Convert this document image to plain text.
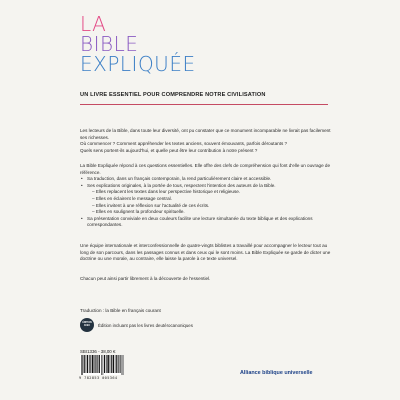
LA
BIBLE
EXPLIQUÉE
UN LIVRE ESSENTIEL POUR COMPRENDRE NOTRE CIVILISATION

Les lecteurs de la Bible, dans toute leur diversité, ont pu constater que ce monument incomparable ne livrait pas facilement ses richesses.

Où commencer ? Comment appréhender les textes anciens, souvent émouvants, parfois déroutants ?

Quels sens portent-ils aujourd'hui, et quelle peut être leur contribution à notre présent ?

La Bible Expliquée répond à ces questions essentielles. Elle offre des clefs de compréhension qui font d'elle un ouvrage de référence.

• Sa traduction, dans un français contemporain, la rend particulièrement claire et accessible.
• Ses explications originales, à la portée de tous, respectent l'intention des auteurs de la Bible.
– Elles replacent les textes dans leur perspective historique et religieuse.
– Elles en éclairent le message central.
– Elles invitent à une réflexion sur l'actualité de ces écrits.
– Elles en soulignent la profondeur spirituelle.
• Sa présentation conviviale en deux couleurs facilite une lecture simultanée du texte biblique et des explications correspondantes.

Une équipe internationale et interconfessionnelle de quatre-vingts biblistes a travaillé pour accompagner le lecteur tout au long de son parcours, dans les passages connus et dans ceux qui le sont moins. La Bible Expliquée se garde de dicter une doctrine ou une morale, au contraire, elle laisse la parole à ce texte universel.

Chacun peut ainsi partir librement à la découverte de l'essentiel.

Traduction : la Bible en français courant
ÉDITION
AVEC Édition incluant pas les livres deutérocanoniques
SBI1336 - 38,00 €
9 782853 005364
Alliance biblique universelle
